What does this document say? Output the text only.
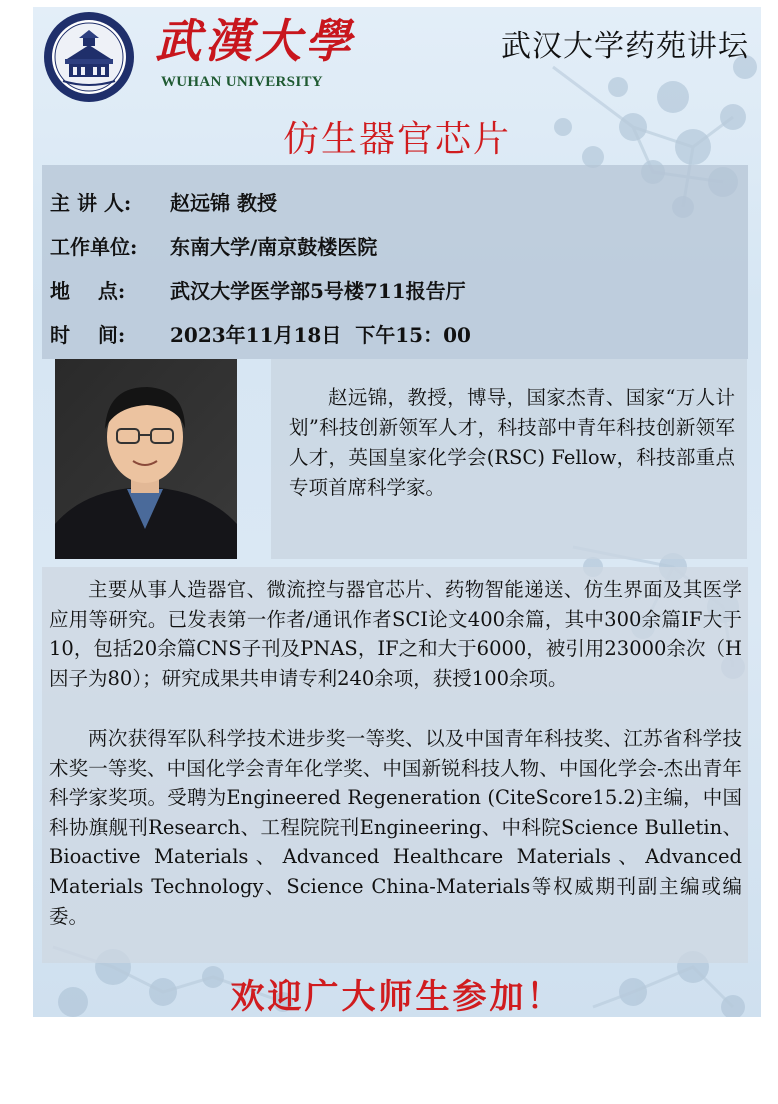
武漢大學
WUHAN UNIVERSITY
武汉大学药苑讲坛
仿生器官芯片
主 讲 人: 赵远锦 教授
工作单位: 东南大学/南京鼓楼医院
地    点: 武汉大学医学部5号楼711报告厅
时    间: 2023年11月18日  下午15：00
赵远锦，教授，博导，国家杰青、国家“万人计划”科技创新领军人才，科技部中青年科技创新领军人才，英国皇家化学会(RSC) Fellow，科技部重点专项首席科学家。
主要从事人造器官、微流控与器官芯片、药物智能递送、仿生界面及其医学应用等研究。已发表第一作者/通讯作者SCI论文400余篇，其中300余篇IF大于10，包括20余篇CNS子刊及PNAS，IF之和大于6000，被引用23000余次（H 因子为80）；研究成果共申请专利240余项，获授100余项。
两次获得军队科学技术进步奖一等奖、以及中国青年科技奖、江苏省科学技术奖一等奖、中国化学会青年化学奖、中国新锐科技人物、中国化学会-杰出青年科学家奖项。受聘为Engineered Regeneration (CiteScore15.2)主编，中国科协旗舰刊Research、工程院院刊Engineering、中科院Science Bulletin、Bioactive Materials、Advanced Healthcare Materials、Advanced Materials Technology、Science China-Materials等权威期刊副主编或编委。
欢迎广大师生参加！
